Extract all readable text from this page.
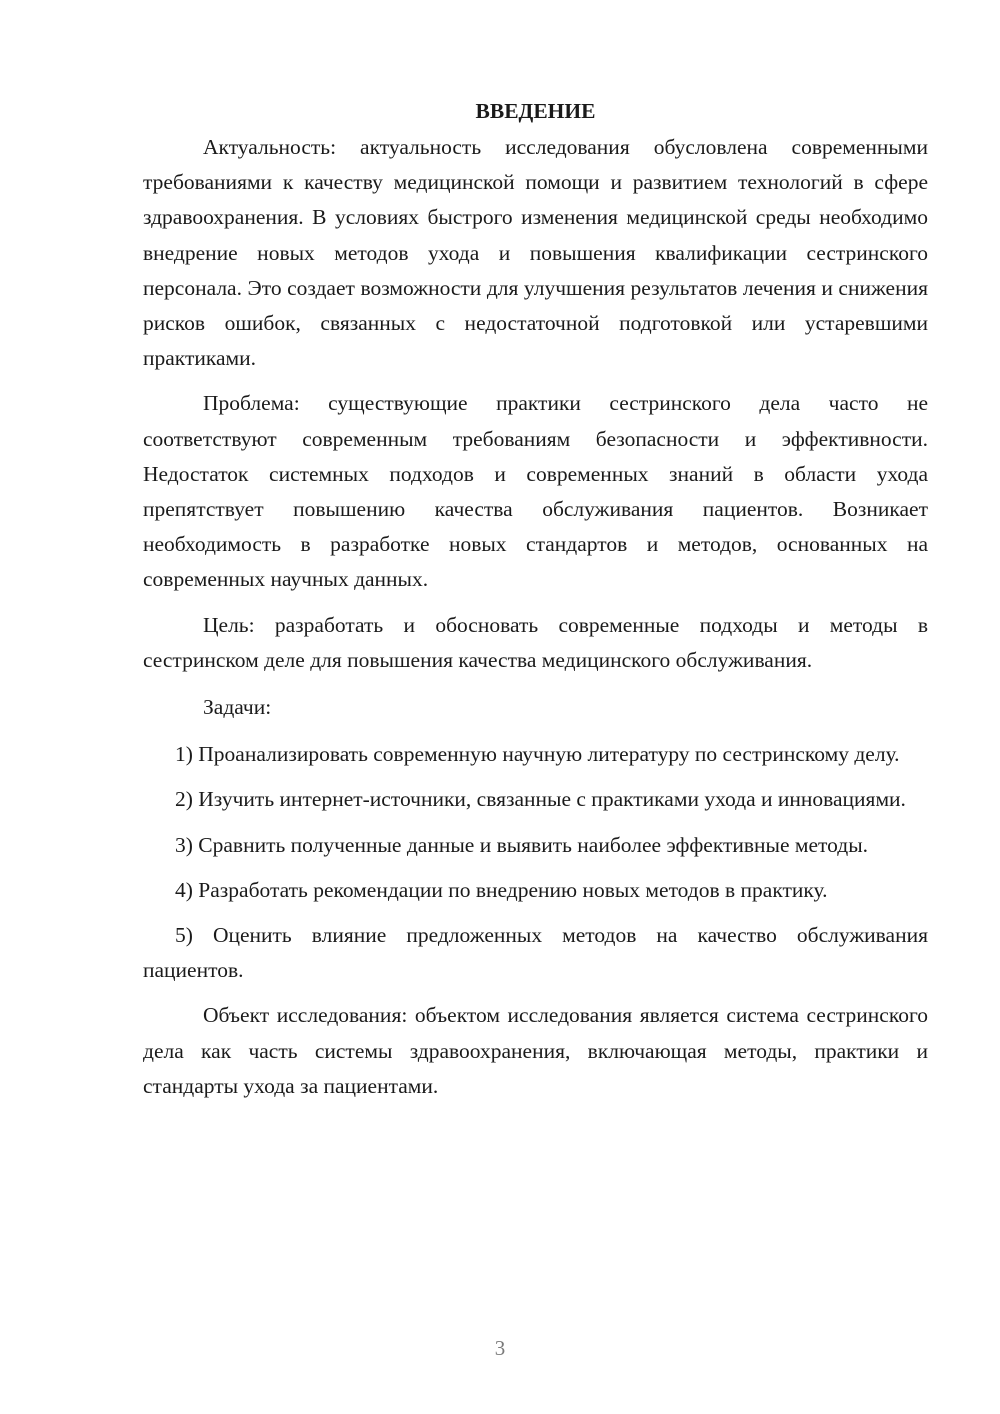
ВВЕДЕНИЕ

Актуальность: актуальность исследования обусловлена современными требованиями к качеству медицинской помощи и развитием технологий в сфере здравоохранения. В условиях быстрого изменения медицинской среды необходимо внедрение новых методов ухода и повышения квалификации сестринского персонала. Это создает возможности для улучшения результатов лечения и снижения рисков ошибок, связанных с недостаточной подготовкой или устаревшими практиками.

Проблема: существующие практики сестринского дела часто не соответствуют современным требованиям безопасности и эффективности. Недостаток системных подходов и современных знаний в области ухода препятствует повышению качества обслуживания пациентов. Возникает необходимость в разработке новых стандартов и методов, основанных на современных научных данных.

Цель: разработать и обосновать современные подходы и методы в сестринском деле для повышения качества медицинского обслуживания.

Задачи:

1) Проанализировать современную научную литературу по сестринскому делу.

2) Изучить интернет-источники, связанные с практиками ухода и инновациями.

3) Сравнить полученные данные и выявить наиболее эффективные методы.

4) Разработать рекомендации по внедрению новых методов в практику.

5) Оценить влияние предложенных методов на качество обслуживания пациентов.

Объект исследования: объектом исследования является система сестринского дела как часть системы здравоохранения, включающая методы, практики и стандарты ухода за пациентами.

3
